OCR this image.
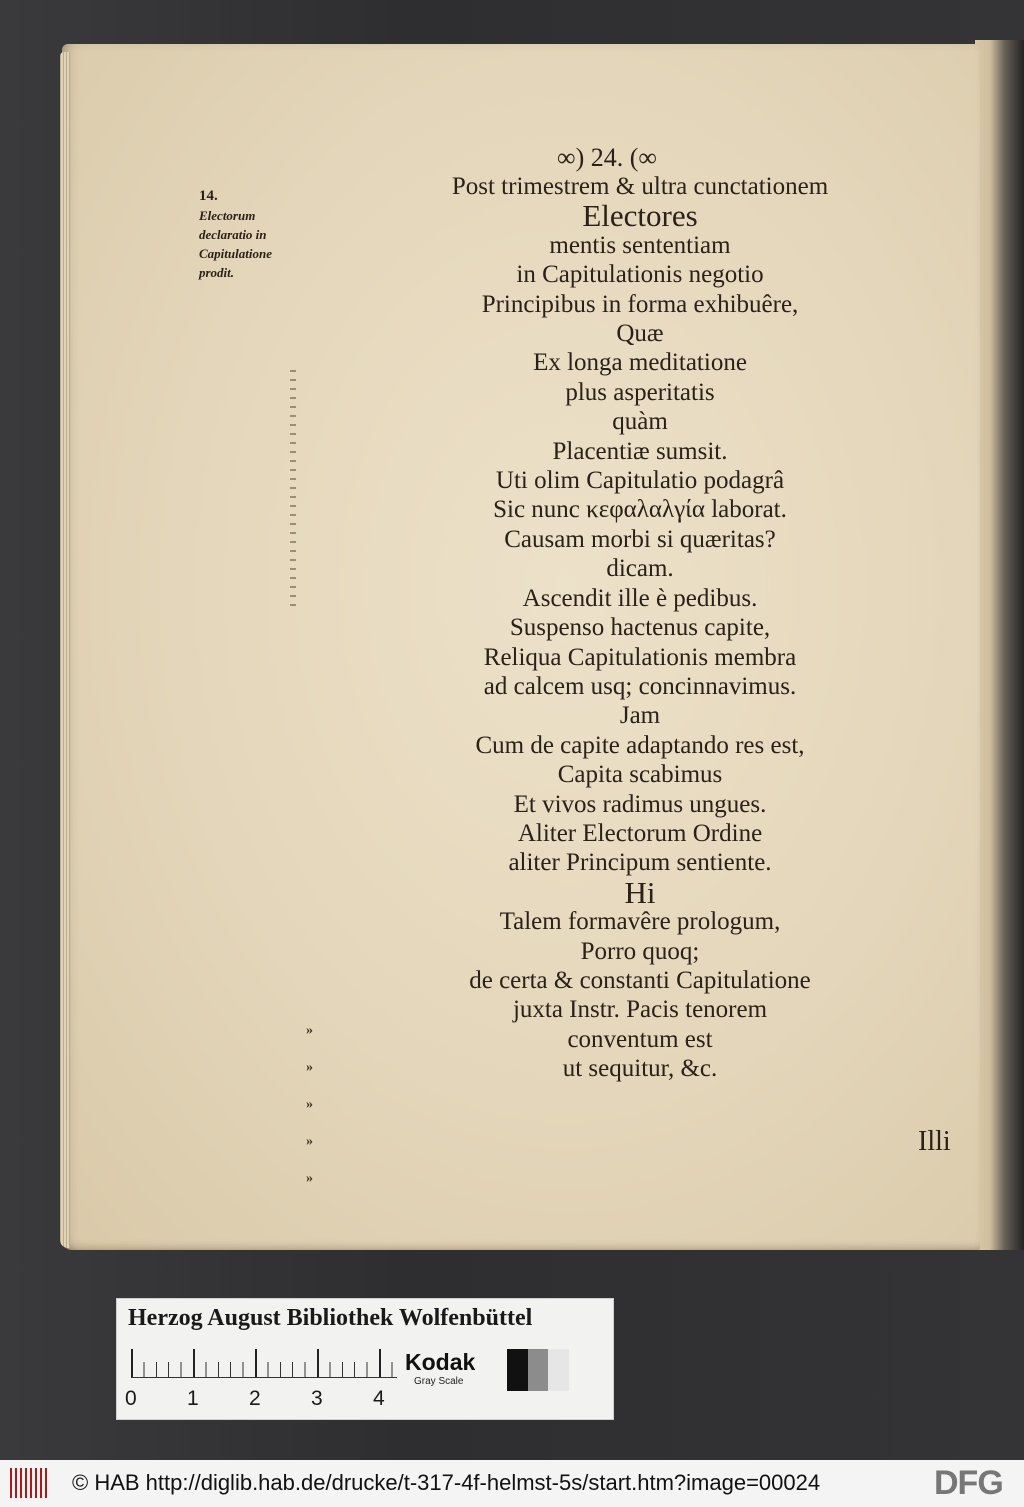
∞) 24. (∞
14.
Electorum declaratio in Capitulatione prodit.
Post trimestrem & ultra cunctationem
Electores
mentis sententiam
in Capitulationis negotio
Principibus in forma exhibuêre,
Quæ
Ex longa meditatione
plus asperitatis
quàm
Placentiæ sumsit.
Uti olim Capitulatio podagrâ
Sic nunc κεφαλαλγία laborat.
Causam morbi si quæritas?
dicam.
Ascendit ille è pedibus.
Suspenso hactenus capite,
Reliqua Capitulationis membra
ad calcem usq; concinnavimus.
Jam
Cum de capite adaptando res est,
Capita scabimus
Et vivos radimus ungues.
Aliter Electorum Ordine
aliter Principum sentiente.
Hi
Talem formavêre prologum,
Porro quoq;
de certa & constanti Capitulatione
juxta Instr. Pacis tenorem
conventum est
ut sequitur, &c.
»
»
»
»
»
Illi
Herzog August Bibliothek Wolfenbüttel
0 1 2 3 4
Kodak
Gray Scale
© HAB http://diglib.hab.de/drucke/t-317-4f-helmst-5s/start.htm?image=00024	DFG
